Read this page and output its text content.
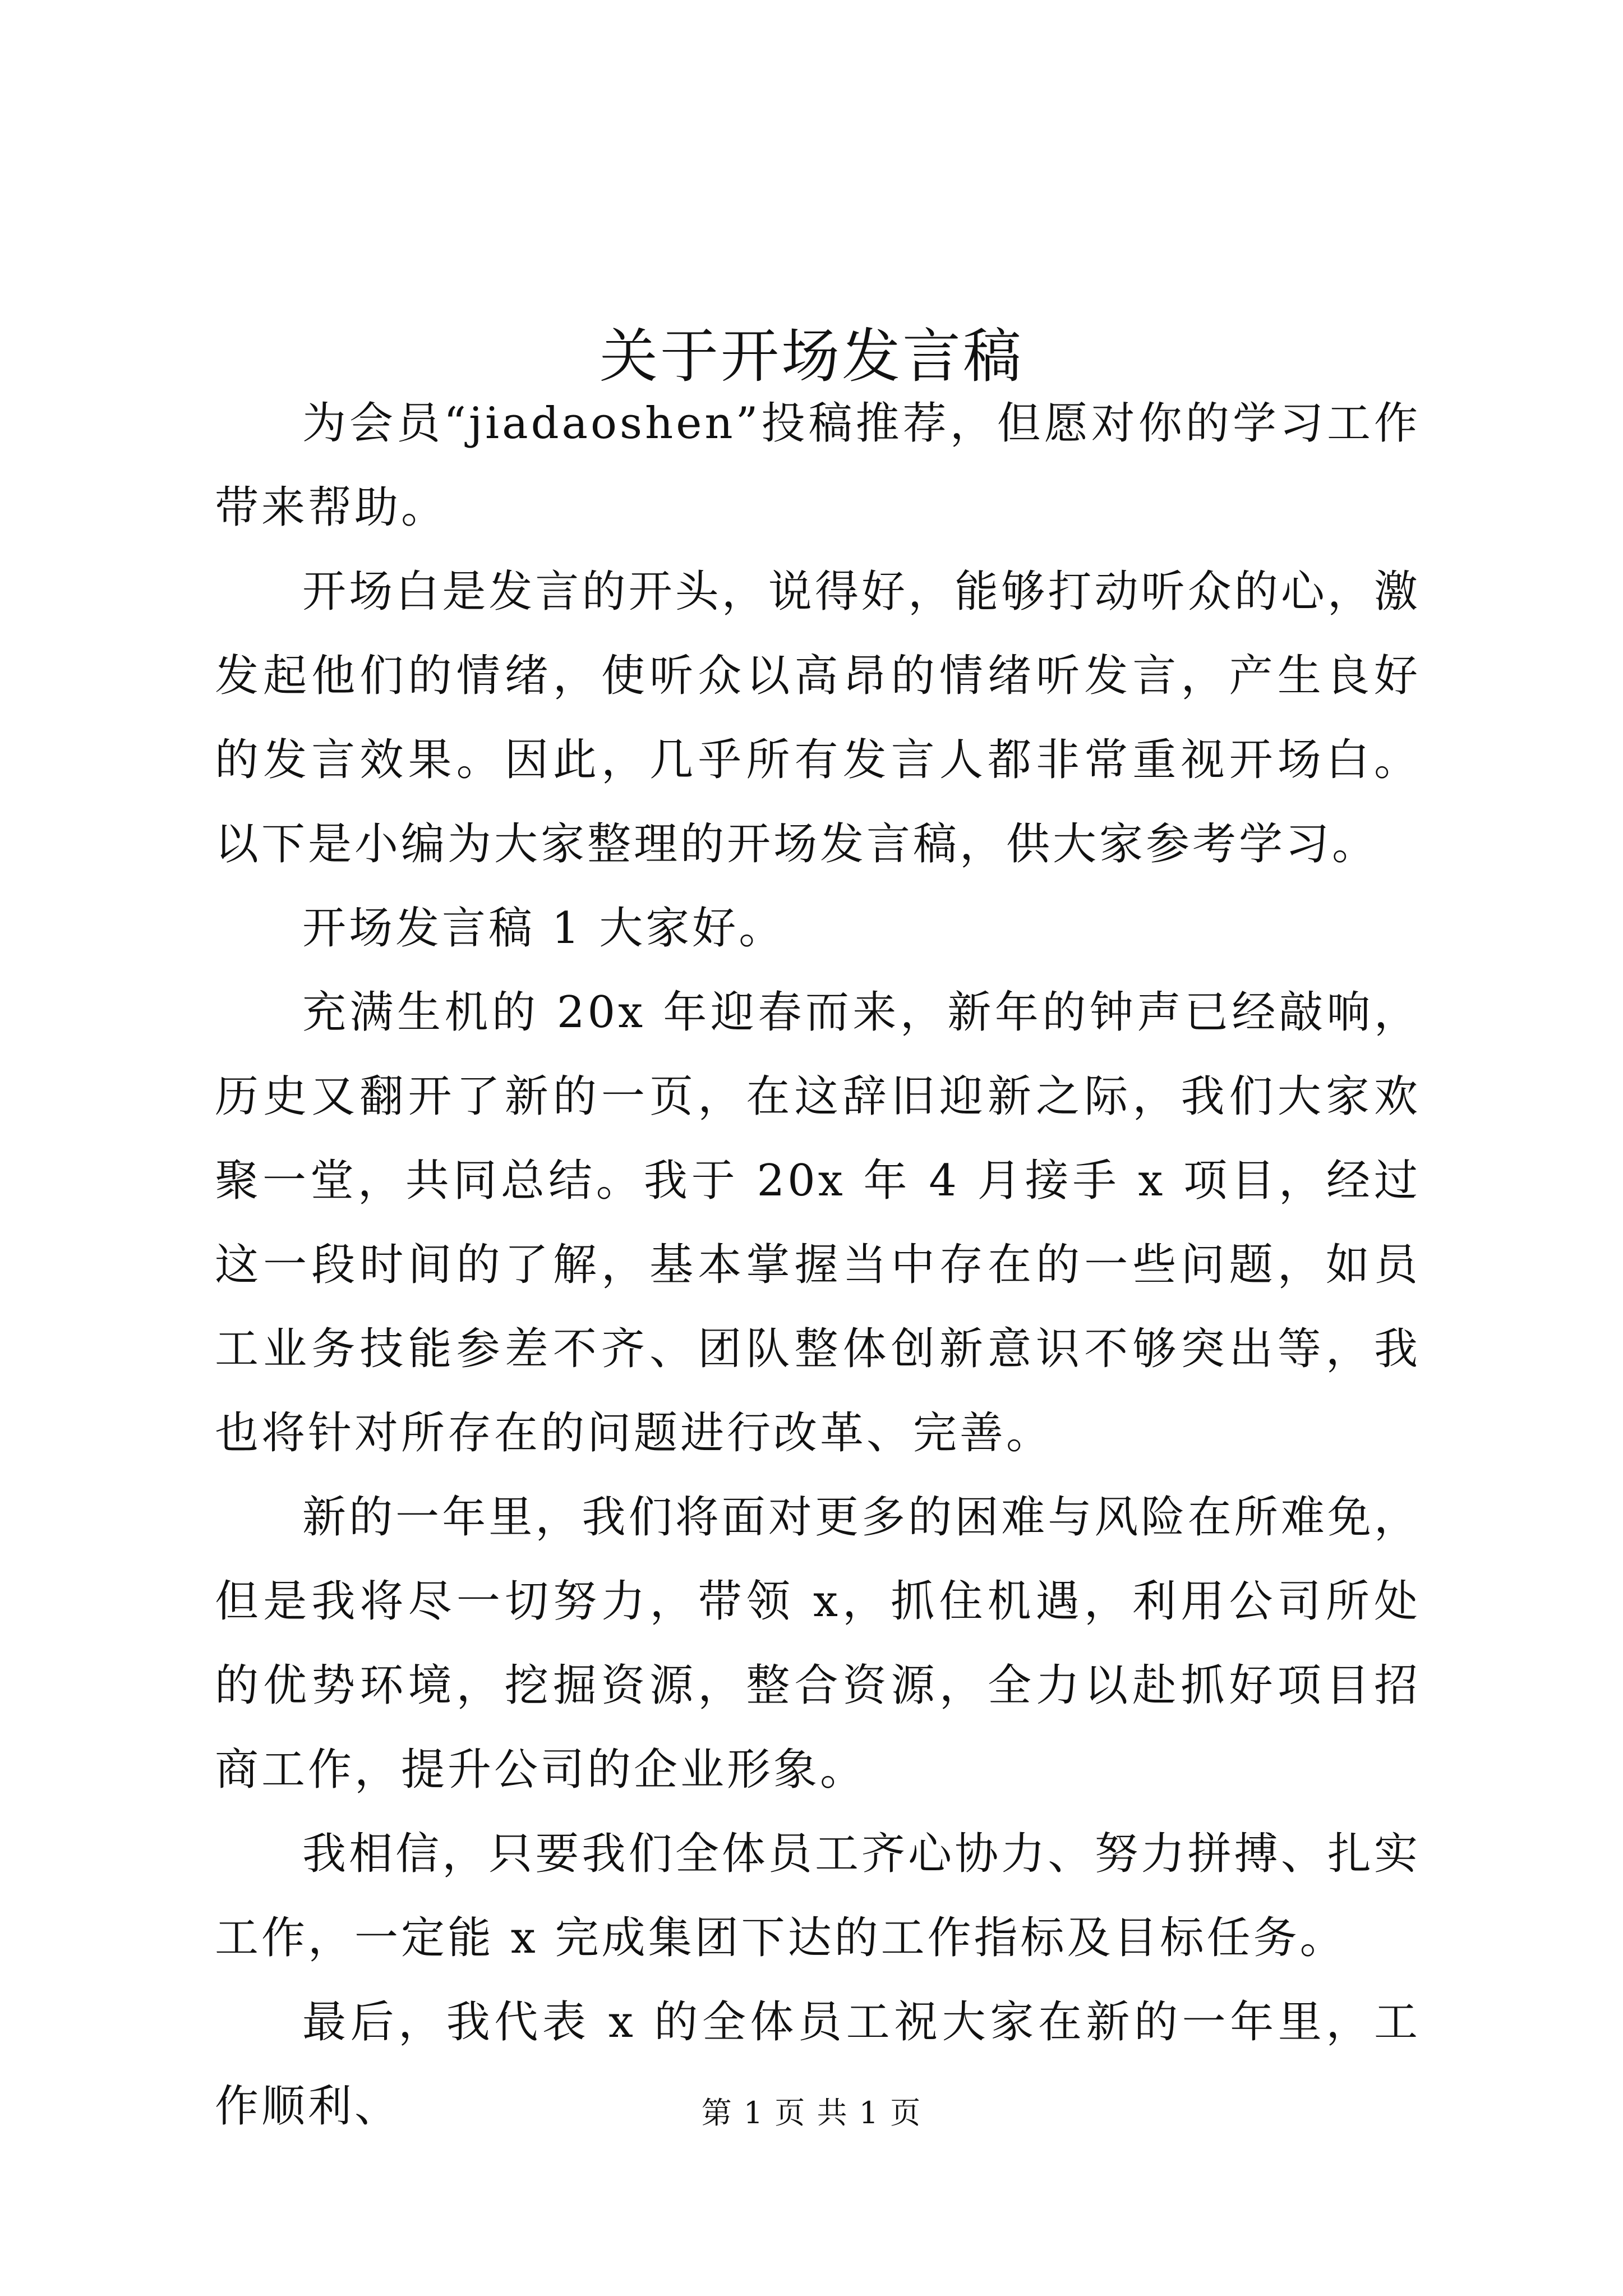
关于开场发言稿

为会员“jiadaoshen”投稿推荐，但愿对你的学习工作带来帮助。

开场白是发言的开头，说得好，能够打动听众的心，激发起他们的情绪，使听众以高昂的情绪听发言，产生良好的发言效果。因此，几乎所有发言人都非常重视开场白。以下是小编为大家整理的开场发言稿，供大家参考学习。

开场发言稿 1 大家好。

充满生机的 20x 年迎春而来，新年的钟声已经敲响，历史又翻开了新的一页，在这辞旧迎新之际，我们大家欢聚一堂，共同总结。我于 20x 年 4 月接手 x 项目，经过这一段时间的了解，基本掌握当中存在的一些问题，如员工业务技能参差不齐、团队整体创新意识不够突出等，我也将针对所存在的问题进行改革、完善。

新的一年里，我们将面对更多的困难与风险在所难免，但是我将尽一切努力，带领 x，抓住机遇，利用公司所处的优势环境，挖掘资源，整合资源，全力以赴抓好项目招商工作，提升公司的企业形象。

我相信，只要我们全体员工齐心协力、努力拼搏、扎实工作，一定能 x 完成集团下达的工作指标及目标任务。

最后，我代表 x 的全体员工祝大家在新的一年里，工作顺利、	第 1 页 共 1 页
